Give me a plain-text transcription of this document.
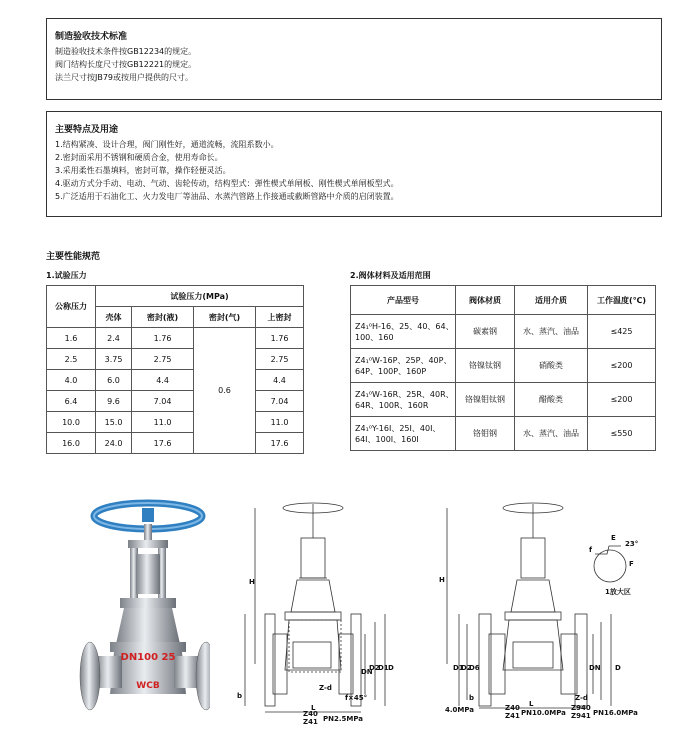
制造验收技术标准
制造验收技术条件按GB12234的规定。
阀门结构长度尺寸按GB12221的规定。
法兰尺寸按JB79或按用户提供的尺寸。
主要特点及用途
1.结构紧凑、设计合理，阀门刚性好，通道流畅，流阻系数小。
2.密封面采用不锈钢和硬质合金，使用寿命长。
3.采用柔性石墨填料，密封可靠，操作轻便灵活。
4.驱动方式分手动、电动、气动、齿轮传动，结构型式：弹性楔式单闸板、刚性楔式单闸板型式。
5.广泛适用于石油化工、火力发电厂等油品、水蒸汽管路上作接通或截断管路中介质的启闭装置。
主要性能规范
1.试验压力	2.阀体材料及适用范围
公称压力	试验压力(MPa)			
	壳体	密封(液)	密封(气)	上密封
1.6	2.4	1.76	0.6	1.76
2.5	3.75	2.75		2.75
4.0	6.0	4.4		4.4
6.4	9.6	7.04		7.04
10.0	15.0	11.0		11.0
16.0	24.0	17.6		17.6
产品型号	阀体材质	适用介质	工作温度(℃)
Z4₁⁰H-16、25、40、64、100、160	碳素钢	水、蒸汽、油品	≤425
Z4₁⁰W-16P、25P、40P、64P、100P、160P	铬镍钛钢	硝酸类	≤200
Z4₁⁰W-16R、25R、40R、64R、100R、160R	铬镍钼钛钢	醋酸类	≤200
Z4₁⁰Y-16I、25I、40I、64I、100I、160I	铬钼钢	水、蒸汽、油品	≤550
DN100 25
WCB
H
DN
D2
D1 D
Z-d
f×45°
b
L
Z40
Z41 PN2.5MPa
H
D1
D2
D6	DN D
b
f
E
F
23°
L
Z-d
1放大区
4.0MPa	Z40
Z41 PN10.0MPa
Z940
Z941 PN16.0MPa
